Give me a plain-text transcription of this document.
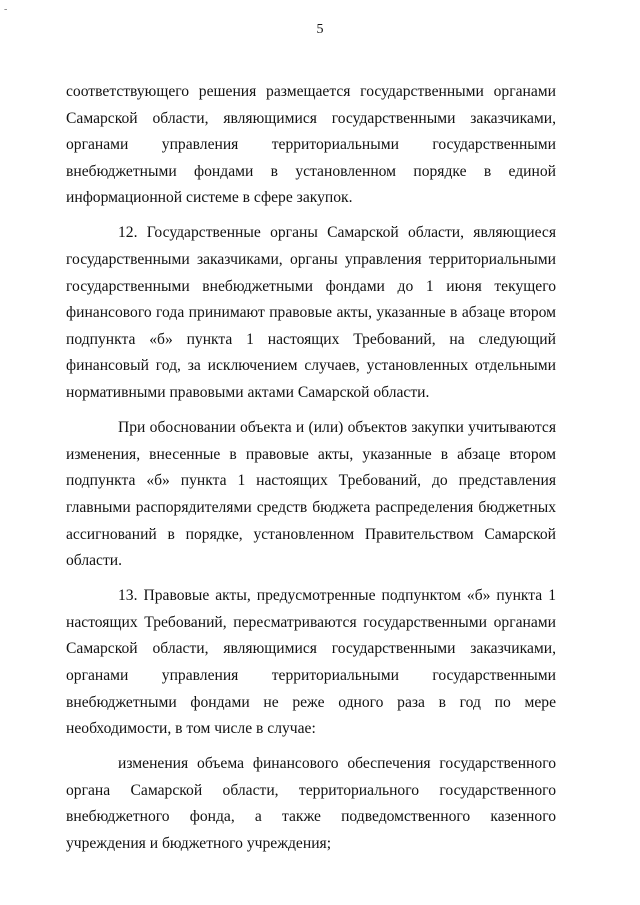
-
5

соответствующего решения размещается государственными органами Самарской области, являющимися государственными заказчиками, органами управления территориальными государственными внебюджетными фондами в установленном порядке в единой информационной системе в сфере закупок.

12. Государственные органы Самарской области, являющиеся государственными заказчиками, органы управления территориальными государственными внебюджетными фондами до 1 июня текущего финансового года принимают правовые акты, указанные в абзаце втором подпункта «б» пункта 1 настоящих Требований, на следующий финансовый год, за исключением случаев, установленных отдельными нормативными правовыми актами Самарской области.

При обосновании объекта и (или) объектов закупки учитываются изменения, внесенные в правовые акты, указанные в абзаце втором подпункта «б» пункта 1 настоящих Требований, до представления главными распорядителями средств бюджета распределения бюджетных ассигнований в порядке, установленном Правительством Самарской области.

13. Правовые акты, предусмотренные подпунктом «б» пункта 1 настоящих Требований, пересматриваются государственными органами Самарской области, являющимися государственными заказчиками, органами управления территориальными государственными внебюджетными фондами не реже одного раза в год по мере необходимости, в том числе в случае:

изменения объема финансового обеспечения государственного органа Самарской области, территориального государственного внебюджетного фонда, а также подведомственного казенного учреждения и бюджетного учреждения;
